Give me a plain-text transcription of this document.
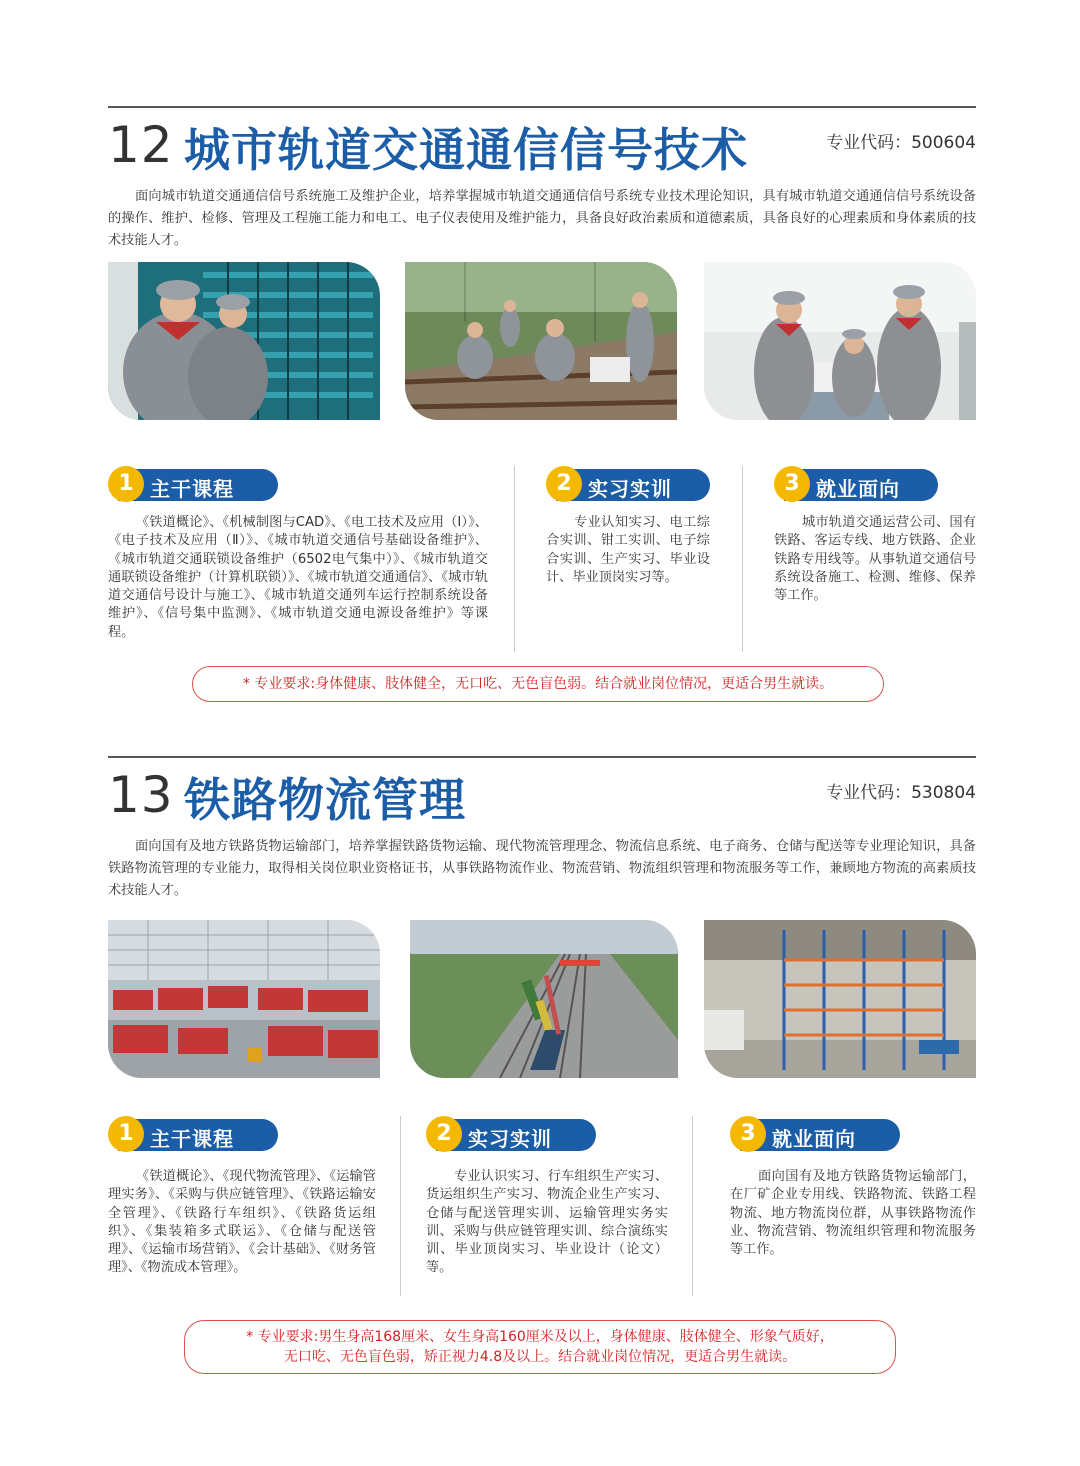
12 城市轨道交通通信信号技术	专业代码：500604
面向城市轨道交通通信信号系统施工及维护企业，培养掌握城市轨道交通通信信号系统专业技术理论知识，具有城市轨道交通通信信号系统设备的操作、维护、检修、管理及工程施工能力和电工、电子仪表使用及维护能力，具备良好政治素质和道德素质，具备良好的心理素质和身体素质的技术技能人才。
主干课程
1
《铁道概论》、《机械制图与CAD》、《电工技术及应用（Ⅰ）》、《电子技术及应用（Ⅱ）》、《城市轨道交通信号基础设备维护》、《城市轨道交通联锁设备维护（6502电气集中）》、《城市轨道交通联锁设备维护（计算机联锁）》、《城市轨道交通通信》、《城市轨道交通信号设计与施工》、《城市轨道交通列车运行控制系统设备维护》、《信号集中监测》、《城市轨道交通电源设备维护》等课程。
实习实训
2
专业认知实习、电工综合实训、钳工实训、电子综合实训、生产实习、毕业设计、毕业顶岗实习等。
就业面向
3
城市轨道交通运营公司、国有铁路、客运专线、地方铁路、企业铁路专用线等。从事轨道交通信号系统设备施工、检测、维修、保养等工作。
* 专业要求:身体健康、肢体健全，无口吃、无色盲色弱。结合就业岗位情况，更适合男生就读。
13 铁路物流管理	专业代码：530804
面向国有及地方铁路货物运输部门，培养掌握铁路货物运输、现代物流管理理念、物流信息系统、电子商务、仓储与配送等专业理论知识，具备铁路物流管理的专业能力，取得相关岗位职业资格证书，从事铁路物流作业、物流营销、物流组织管理和物流服务等工作，兼顾地方物流的高素质技术技能人才。
主干课程
1
《铁道概论》、《现代物流管理》、《运输管理实务》、《采购与供应链管理》、《铁路运输安全管理》、《铁路行车组织》、《铁路货运组织》、《集装箱多式联运》、《仓储与配送管理》、《运输市场营销》、《会计基础》、《财务管理》、《物流成本管理》。
实习实训
2
专业认识实习、行车组织生产实习、货运组织生产实习、物流企业生产实习、仓储与配送管理实训、运输管理实务实训、采购与供应链管理实训、综合演练实训、毕业顶岗实习、毕业设计（论文）等。
就业面向
3
面向国有及地方铁路货物运输部门，在厂矿企业专用线、铁路物流、铁路工程物流、地方物流岗位群，从事铁路物流作业、物流营销、物流组织管理和物流服务等工作。
* 专业要求:男生身高168厘米、女生身高160厘米及以上，身体健康、肢体健全、形象气质好，
无口吃、无色盲色弱，矫正视力4.8及以上。结合就业岗位情况，更适合男生就读。
